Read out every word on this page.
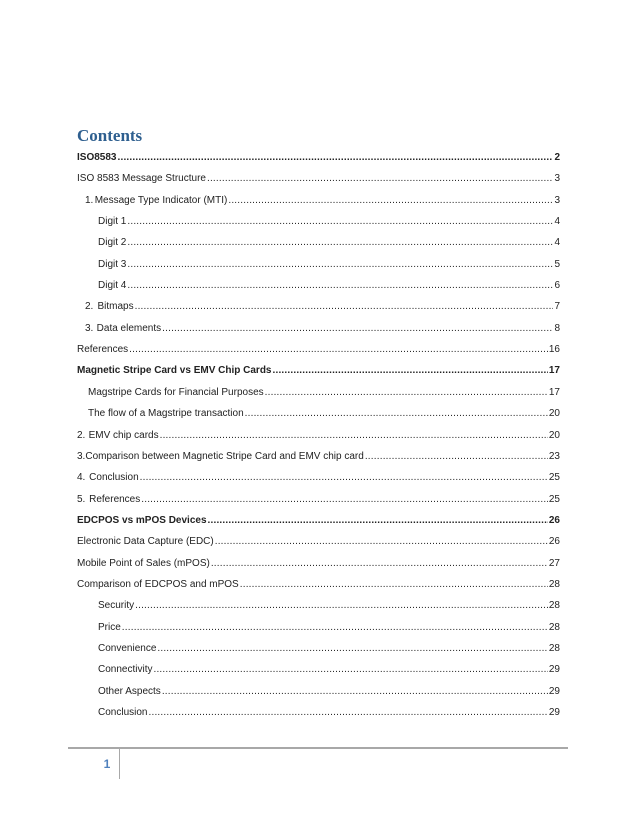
Contents
ISO8583 .....	2
ISO 8583 Message Structure .....	3
1. Message Type Indicator (MTI) .....	3
Digit 1 .....	4
Digit 2 .....	4
Digit 3 .....	5
Digit 4 .....	6
2. Bitmaps .....	7
3. Data elements .....	8
References .....	16
Magnetic Stripe Card vs EMV Chip Cards .....	17
Magstripe Cards for Financial Purposes .....	17
The flow of a Magstripe transaction .....	20
2. EMV chip cards .....	20
3. Comparison between Magnetic Stripe Card and EMV chip card .....	23
4. Conclusion .....	25
5. References .....	25
EDCPOS vs mPOS Devices .....	26
Electronic Data Capture (EDC) .....	26
Mobile Point of Sales (mPOS) .....	27
Comparison of EDCPOS and mPOS .....	28
Security .....	28
Price .....	28
Convenience .....	28
Connectivity .....	29
Other Aspects .....	29
Conclusion .....	29
1
